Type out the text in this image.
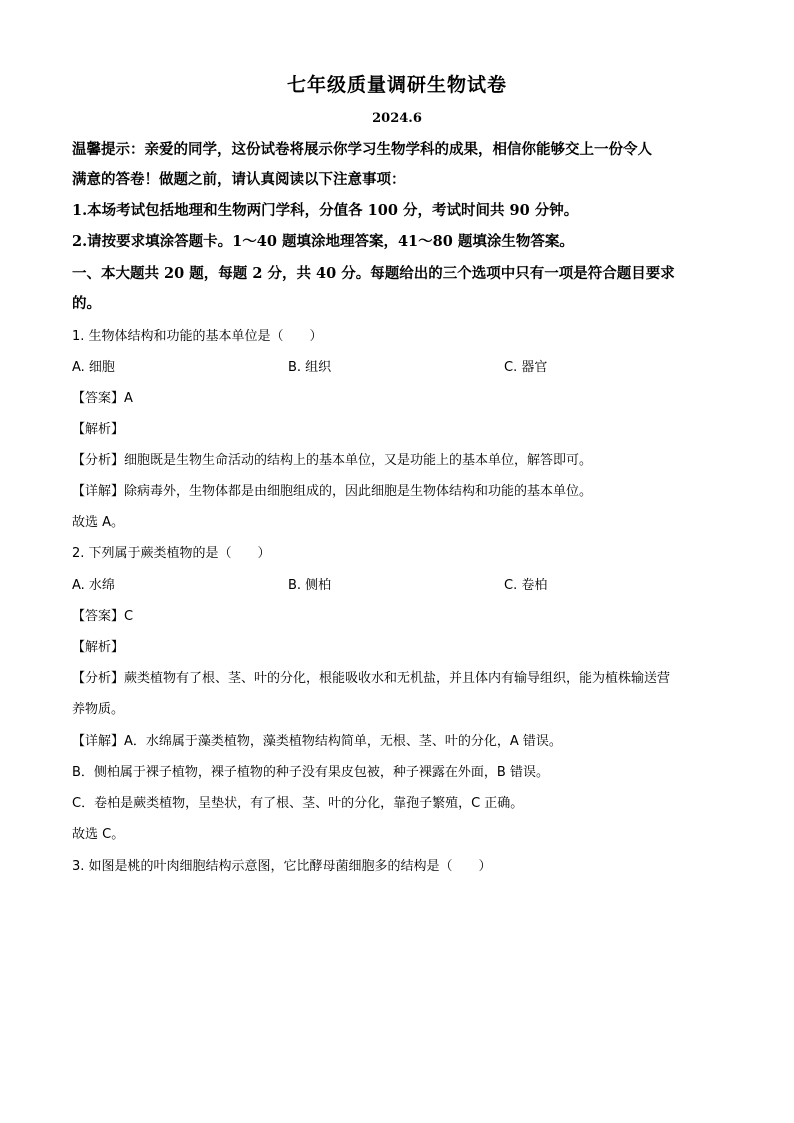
七年级质量调研生物试卷
2024.6
温馨提示：亲爱的同学，这份试卷将展示你学习生物学科的成果，相信你能够交上一份令人
满意的答卷！做题之前，请认真阅读以下注意事项：
1.本场考试包括地理和生物两门学科，分值各 100 分，考试时间共 90 分钟。
2.请按要求填涂答题卡。1～40 题填涂地理答案，41～80 题填涂生物答案。
一、本大题共 20 题，每题 2 分，共 40 分。每题给出的三个选项中只有一项是符合题目要求
的。
1. 生物体结构和功能的基本单位是（　　）
A. 细胞	B. 组织	C. 器官
【答案】A
【解析】
【分析】细胞既是生物生命活动的结构上的基本单位，又是功能上的基本单位，解答即可。
【详解】除病毒外，生物体都是由细胞组成的，因此细胞是生物体结构和功能的基本单位。
故选 A。
2. 下列属于蕨类植物的是（　　）
A. 水绵	B. 侧柏	C. 卷柏
【答案】C
【解析】
【分析】蕨类植物有了根、茎、叶的分化，根能吸收水和无机盐，并且体内有输导组织，能为植株输送营
养物质。
【详解】A．水绵属于藻类植物，藻类植物结构简单，无根、茎、叶的分化，A 错误。
B．侧柏属于裸子植物，裸子植物的种子没有果皮包被，种子裸露在外面，B 错误。
C．卷柏是蕨类植物，呈垫状，有了根、茎、叶的分化，靠孢子繁殖，C 正确。
故选 C。
3. 如图是桃的叶肉细胞结构示意图，它比酵母菌细胞多的结构是（　　）
